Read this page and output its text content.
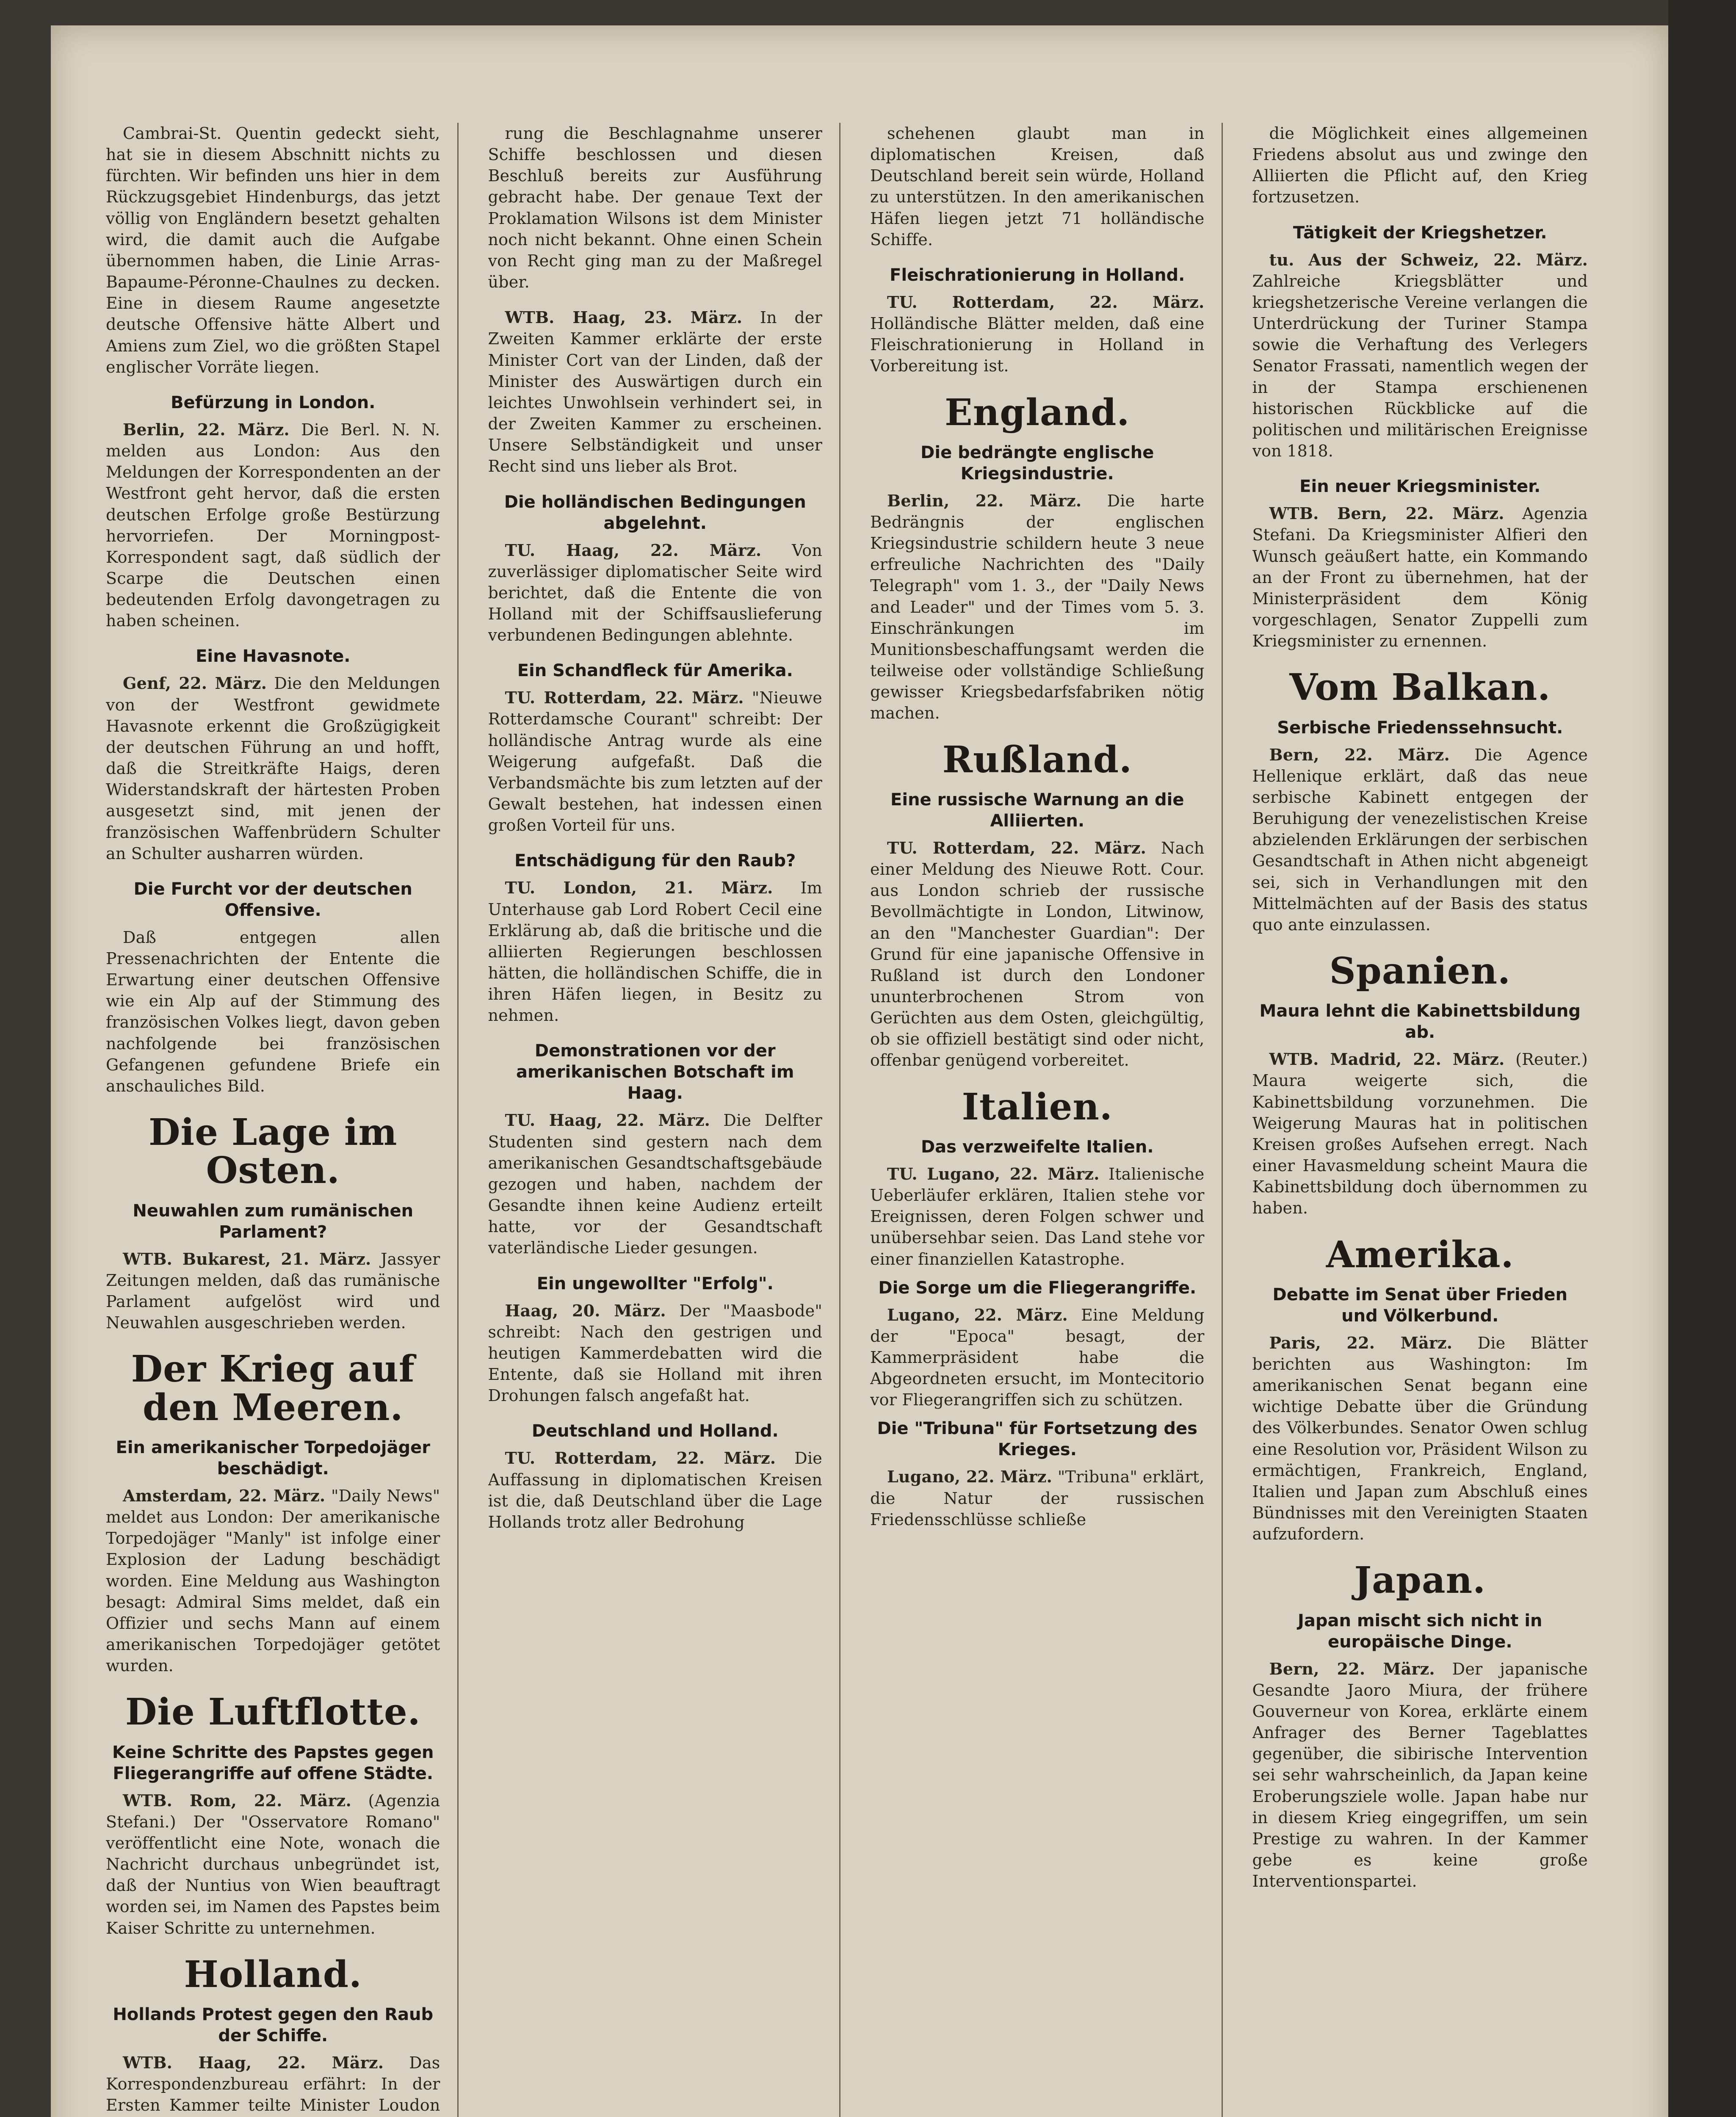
Cambrai-St. Quentin gedeckt sieht, hat sie in diesem Abschnitt nichts zu fürchten. Wir befinden uns hier in dem Rückzugsgebiet Hindenburgs, das jetzt völlig von Engländern besetzt gehalten wird, die damit auch die Aufgabe übernommen haben, die Linie Arras-Bapaume-Péronne-Chaulnes zu decken. Eine in diesem Raume angesetzte deutsche Offensive hätte Albert und Amiens zum Ziel, wo die größten Stapel englischer Vorräte liegen.

Befürzung in London.

Berlin, 22. März. Die Berl. N. N. melden aus London: Aus den Meldungen der Korrespondenten an der Westfront geht hervor, daß die ersten deutschen Erfolge große Bestürzung hervorriefen. Der Morningpost-Korrespondent sagt, daß südlich der Scarpe die Deutschen einen bedeutenden Erfolg davongetragen zu haben scheinen.

Eine Havasnote.

Genf, 22. März. Die den Meldungen von der Westfront gewidmete Havasnote erkennt die Großzügigkeit der deutschen Führung an und hofft, daß die Streitkräfte Haigs, deren Widerstandskraft der härtesten Proben ausgesetzt sind, mit jenen der französischen Waffenbrüdern Schulter an Schulter ausharren würden.

Die Furcht vor der deutschen Offensive.

Daß entgegen allen Pressenachrichten der Entente die Erwartung einer deutschen Offensive wie ein Alp auf der Stimmung des französischen Volkes liegt, davon geben nachfolgende bei französischen Gefangenen gefundene Briefe ein anschauliches Bild.

Die Lage im Osten.
Neuwahlen zum rumänischen Parlament?

WTB. Bukarest, 21. März. Jassyer Zeitungen melden, daß das rumänische Parlament aufgelöst wird und Neuwahlen ausgeschrieben werden.

Der Krieg auf den Meeren.
Ein amerikanischer Torpedojäger beschädigt.

Amsterdam, 22. März. "Daily News" meldet aus London: Der amerikanische Torpedojäger "Manly" ist infolge einer Explosion der Ladung beschädigt worden. Eine Meldung aus Washington besagt: Admiral Sims meldet, daß ein Offizier und sechs Mann auf einem amerikanischen Torpedojäger getötet wurden.

Die Luftflotte.
Keine Schritte des Papstes gegen Fliegerangriffe auf offene Städte.

WTB. Rom, 22. März. (Agenzia Stefani.) Der "Osservatore Romano" veröffentlicht eine Note, wonach die Nachricht durchaus unbegründet ist, daß der Nuntius von Wien beauftragt worden sei, im Namen des Papstes beim Kaiser Schritte zu unternehmen.

Holland.
Hollands Protest gegen den Raub der Schiffe.

WTB. Haag, 22. März. Das Korrespondenzbureau erfährt: In der Ersten Kammer teilte Minister Loudon

rung die Beschlagnahme unserer Schiffe beschlossen und diesen Beschluß bereits zur Ausführung gebracht habe. Der genaue Text der Proklamation Wilsons ist dem Minister noch nicht bekannt. Ohne einen Schein von Recht ging man zu der Maßregel über.

WTB. Haag, 23. März. In der Zweiten Kammer erklärte der erste Minister Cort van der Linden, daß der Minister des Auswärtigen durch ein leichtes Unwohlsein verhindert sei, in der Zweiten Kammer zu erscheinen. Unsere Selbständigkeit und unser Recht sind uns lieber als Brot.

Die holländischen Bedingungen abgelehnt.

TU. Haag, 22. März. Von zuverlässiger diplomatischer Seite wird berichtet, daß die Entente die von Holland mit der Schiffsauslieferung verbundenen Bedingungen ablehnte.

Ein Schandfleck für Amerika.

TU. Rotterdam, 22. März. "Nieuwe Rotterdamsche Courant" schreibt: Der holländische Antrag wurde als eine Weigerung aufgefaßt. Daß die Verbandsmächte bis zum letzten auf der Gewalt bestehen, hat indessen einen großen Vorteil für uns.

Entschädigung für den Raub?

TU. London, 21. März. Im Unterhause gab Lord Robert Cecil eine Erklärung ab, daß die britische und die alliierten Regierungen beschlossen hätten, die holländischen Schiffe, die in ihren Häfen liegen, in Besitz zu nehmen.

Demonstrationen vor der amerikanischen Botschaft im Haag.

TU. Haag, 22. März. Die Delfter Studenten sind gestern nach dem amerikanischen Gesandtschaftsgebäude gezogen und haben, nachdem der Gesandte ihnen keine Audienz erteilt hatte, vor der Gesandtschaft vaterländische Lieder gesungen.

Ein ungewollter "Erfolg".

Haag, 20. März. Der "Maasbode" schreibt: Nach den gestrigen und heutigen Kammerdebatten wird die Entente, daß sie Holland mit ihren Drohungen falsch angefaßt hat.

Deutschland und Holland.

TU. Rotterdam, 22. März. Die Auffassung in diplomatischen Kreisen ist die, daß Deutschland über die Lage Hollands trotz aller Bedrohung

schehenen glaubt man in diplomatischen Kreisen, daß Deutschland bereit sein würde, Holland zu unterstützen. In den amerikanischen Häfen liegen jetzt 71 holländische Schiffe.

Fleischrationierung in Holland.

TU. Rotterdam, 22. März. Holländische Blätter melden, daß eine Fleischrationierung in Holland in Vorbereitung ist.

England.
Die bedrängte englische Kriegsindustrie.

Berlin, 22. März. Die harte Bedrängnis der englischen Kriegsindustrie schildern heute 3 neue erfreuliche Nachrichten des "Daily Telegraph" vom 1. 3., der "Daily News and Leader" und der Times vom 5. 3. Einschränkungen im Munitionsbeschaffungsamt werden die teilweise oder vollständige Schließung gewisser Kriegsbedarfsfabriken nötig machen.

Rußland.
Eine russische Warnung an die Alliierten.

TU. Rotterdam, 22. März. Nach einer Meldung des Nieuwe Rott. Cour. aus London schrieb der russische Bevollmächtigte in London, Litwinow, an den "Manchester Guardian": Der Grund für eine japanische Offensive in Rußland ist durch den Londoner ununterbrochenen Strom von Gerüchten aus dem Osten, gleichgültig, ob sie offiziell bestätigt sind oder nicht, offenbar genügend vorbereitet.

Italien.
Das verzweifelte Italien.

TU. Lugano, 22. März. Italienische Ueberläufer erklären, Italien stehe vor Ereignissen, deren Folgen schwer und unübersehbar seien. Das Land stehe vor einer finanziellen Katastrophe.

Die Sorge um die Fliegerangriffe.

Lugano, 22. März. Eine Meldung der "Epoca" besagt, der Kammerpräsident habe die Abgeordneten ersucht, im Montecitorio vor Fliegerangriffen sich zu schützen.

Die "Tribuna" für Fortsetzung des Krieges.

Lugano, 22. März. "Tribuna" erklärt, die Natur der russischen Friedensschlüsse schließe

die Möglichkeit eines allgemeinen Friedens absolut aus und zwinge den Alliierten die Pflicht auf, den Krieg fortzusetzen.

Tätigkeit der Kriegshetzer.

tu. Aus der Schweiz, 22. März. Zahlreiche Kriegsblätter und kriegshetzerische Vereine verlangen die Unterdrückung der Turiner Stampa sowie die Verhaftung des Verlegers Senator Frassati, namentlich wegen der in der Stampa erschienenen historischen Rückblicke auf die politischen und militärischen Ereignisse von 1818.

Ein neuer Kriegsminister.

WTB. Bern, 22. März. Agenzia Stefani. Da Kriegsminister Alfieri den Wunsch geäußert hatte, ein Kommando an der Front zu übernehmen, hat der Ministerpräsident dem König vorgeschlagen, Senator Zuppelli zum Kriegsminister zu ernennen.

Vom Balkan.
Serbische Friedenssehnsucht.

Bern, 22. März. Die Agence Hellenique erklärt, daß das neue serbische Kabinett entgegen der Beruhigung der venezelistischen Kreise abzielenden Erklärungen der serbischen Gesandtschaft in Athen nicht abgeneigt sei, sich in Verhandlungen mit den Mittelmächten auf der Basis des status quo ante einzulassen.

Spanien.
Maura lehnt die Kabinettsbildung ab.

WTB. Madrid, 22. März. (Reuter.) Maura weigerte sich, die Kabinettsbildung vorzunehmen. Die Weigerung Mauras hat in politischen Kreisen großes Aufsehen erregt. Nach einer Havasmeldung scheint Maura die Kabinettsbildung doch übernommen zu haben.

Amerika.
Debatte im Senat über Frieden und Völkerbund.

Paris, 22. März. Die Blätter berichten aus Washington: Im amerikanischen Senat begann eine wichtige Debatte über die Gründung des Völkerbundes. Senator Owen schlug eine Resolution vor, Präsident Wilson zu ermächtigen, Frankreich, England, Italien und Japan zum Abschluß eines Bündnisses mit den Vereinigten Staaten aufzufordern.

Japan.
Japan mischt sich nicht in europäische Dinge.

Bern, 22. März. Der japanische Gesandte Jaoro Miura, der frühere Gouverneur von Korea, erklärte einem Anfrager des Berner Tageblattes gegenüber, die sibirische Intervention sei sehr wahrscheinlich, da Japan keine Eroberungsziele wolle. Japan habe nur in diesem Krieg eingegriffen, um sein Prestige zu wahren. In der Kammer gebe es keine große Interventionspartei.
